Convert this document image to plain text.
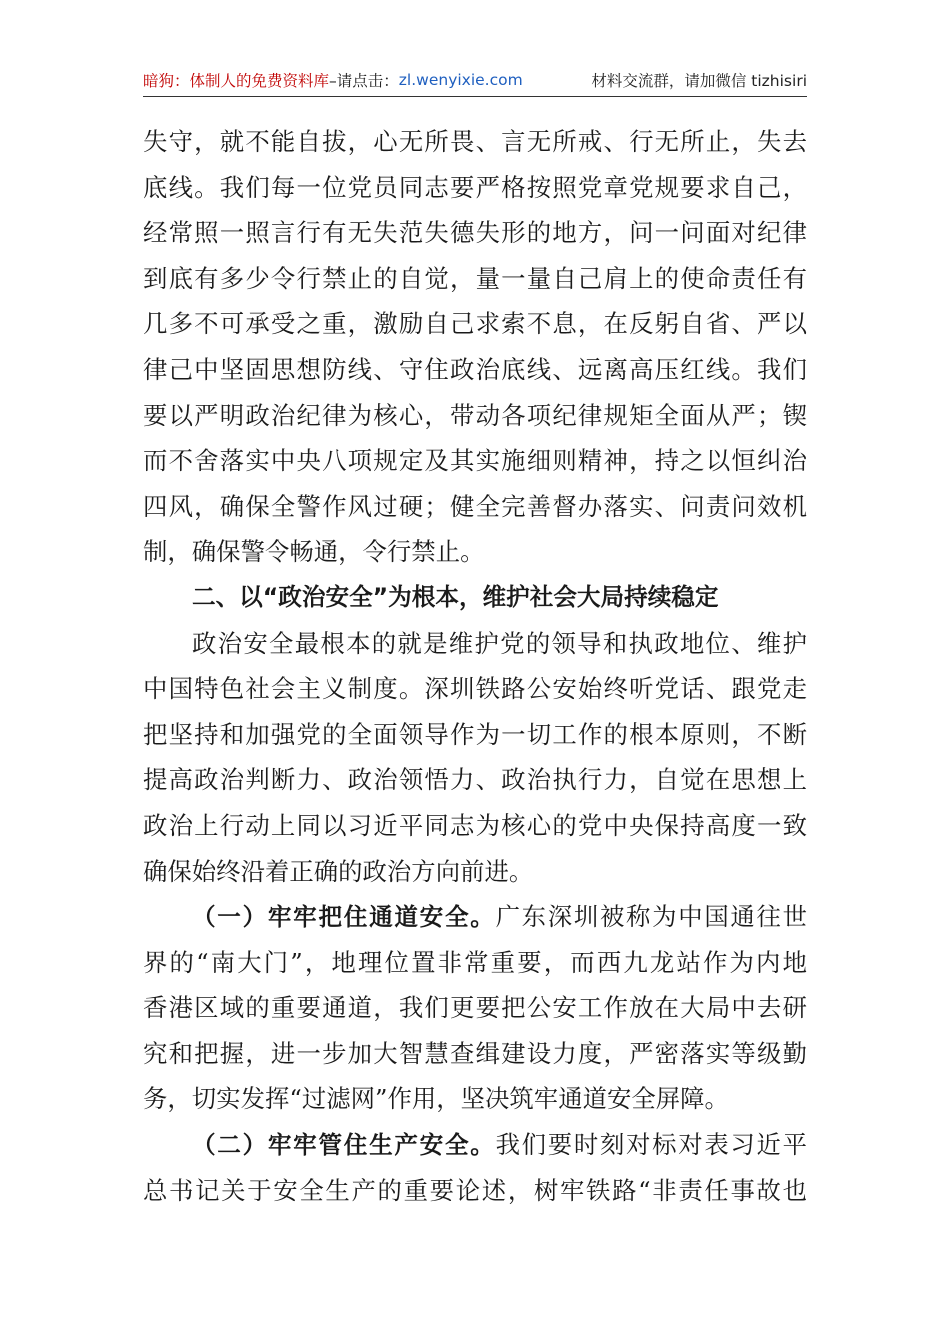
暗狗：体制人的免费资料库 –请点击： zl.wenyixie.com	材料交流群，请加微信 tizhisiri
失守，就不能自拔，心无所畏、言无所戒、行无所止，失去
底线。我们每一位党员同志要严格按照党章党规要求自己，
经常照一照言行有无失范失德失形的地方，问一问面对纪律
到底有多少令行禁止的自觉，量一量自己肩上的使命责任有
几多不可承受之重，激励自己求索不息，在反躬自省、严以
律己中坚固思想防线、守住政治底线、远离高压红线。我们
要以严明政治纪律为核心，带动各项纪律规矩全面从严；锲
而不舍落实中央八项规定及其实施细则精神，持之以恒纠治
四风，确保全警作风过硬；健全完善督办落实、问责问效机
制，确保警令畅通，令行禁止。
二、以“政治安全”为根本，维护社会大局持续稳定
政治安全最根本的就是维护党的领导和执政地位、维护
中国特色社会主义制度。深圳铁路公安始终听党话、跟党走
把坚持和加强党的全面领导作为一切工作的根本原则，不断
提高政治判断力、政治领悟力、政治执行力，自觉在思想上
政治上行动上同以习近平同志为核心的党中央保持高度一致
确保始终沿着正确的政治方向前进。
（一）牢牢把住通道安全。广东深圳被称为中国通往世
界的“南大门”，地理位置非常重要，而西九龙站作为内地
香港区域的重要通道，我们更要把公安工作放在大局中去研
究和把握，进一步加大智慧查缉建设力度，严密落实等级勤
务，切实发挥“过滤网”作用，坚决筑牢通道安全屏障。
（二）牢牢管住生产安全。我们要时刻对标对表习近平
总书记关于安全生产的重要论述，树牢铁路“非责任事故也
